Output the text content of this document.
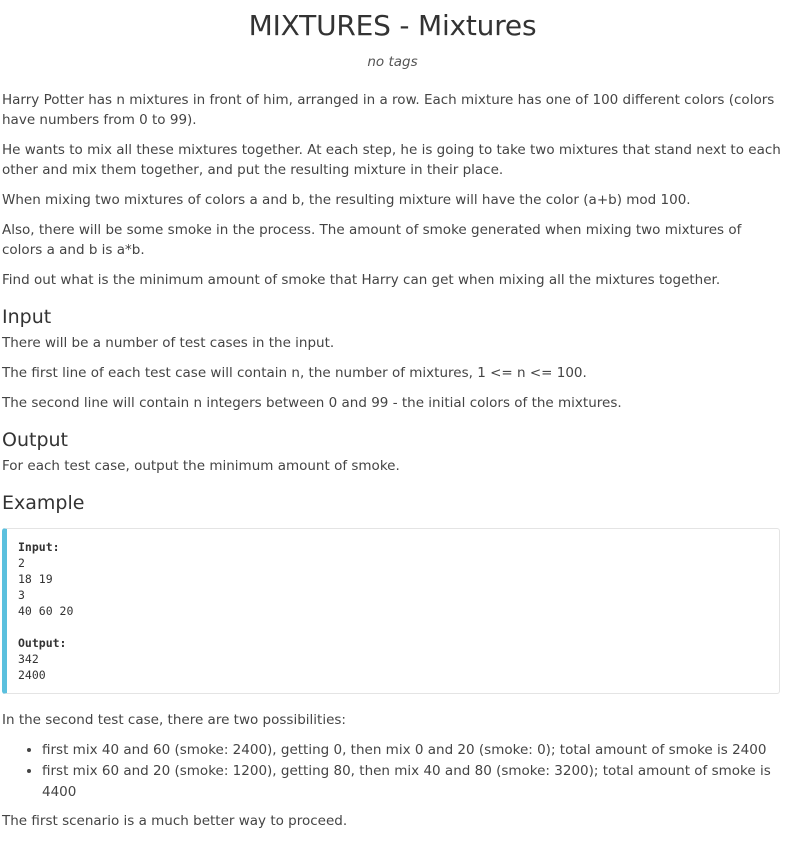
MIXTURES - Mixtures
no tags

Harry Potter has n mixtures in front of him, arranged in a row. Each mixture has one of 100 different colors (colors have numbers from 0 to 99).

He wants to mix all these mixtures together. At each step, he is going to take two mixtures that stand next to each other and mix them together, and put the resulting mixture in their place.

When mixing two mixtures of colors a and b, the resulting mixture will have the color (a+b) mod 100.

Also, there will be some smoke in the process. The amount of smoke generated when mixing two mixtures of colors a and b is a*b.

Find out what is the minimum amount of smoke that Harry can get when mixing all the mixtures together.

Input

There will be a number of test cases in the input.

The first line of each test case will contain n, the number of mixtures, 1 <= n <= 100.

The second line will contain n integers between 0 and 99 - the initial colors of the mixtures.

Output

For each test case, output the minimum amount of smoke.

Example
Input:
2
18 19
3
40 60 20

Output:
342
2400

In the second test case, there are two possibilities:

• first mix 40 and 60 (smoke: 2400), getting 0, then mix 0 and 20 (smoke: 0); total amount of smoke is 2400
• first mix 60 and 20 (smoke: 1200), getting 80, then mix 40 and 80 (smoke: 3200); total amount of smoke is 4400

The first scenario is a much better way to proceed.
